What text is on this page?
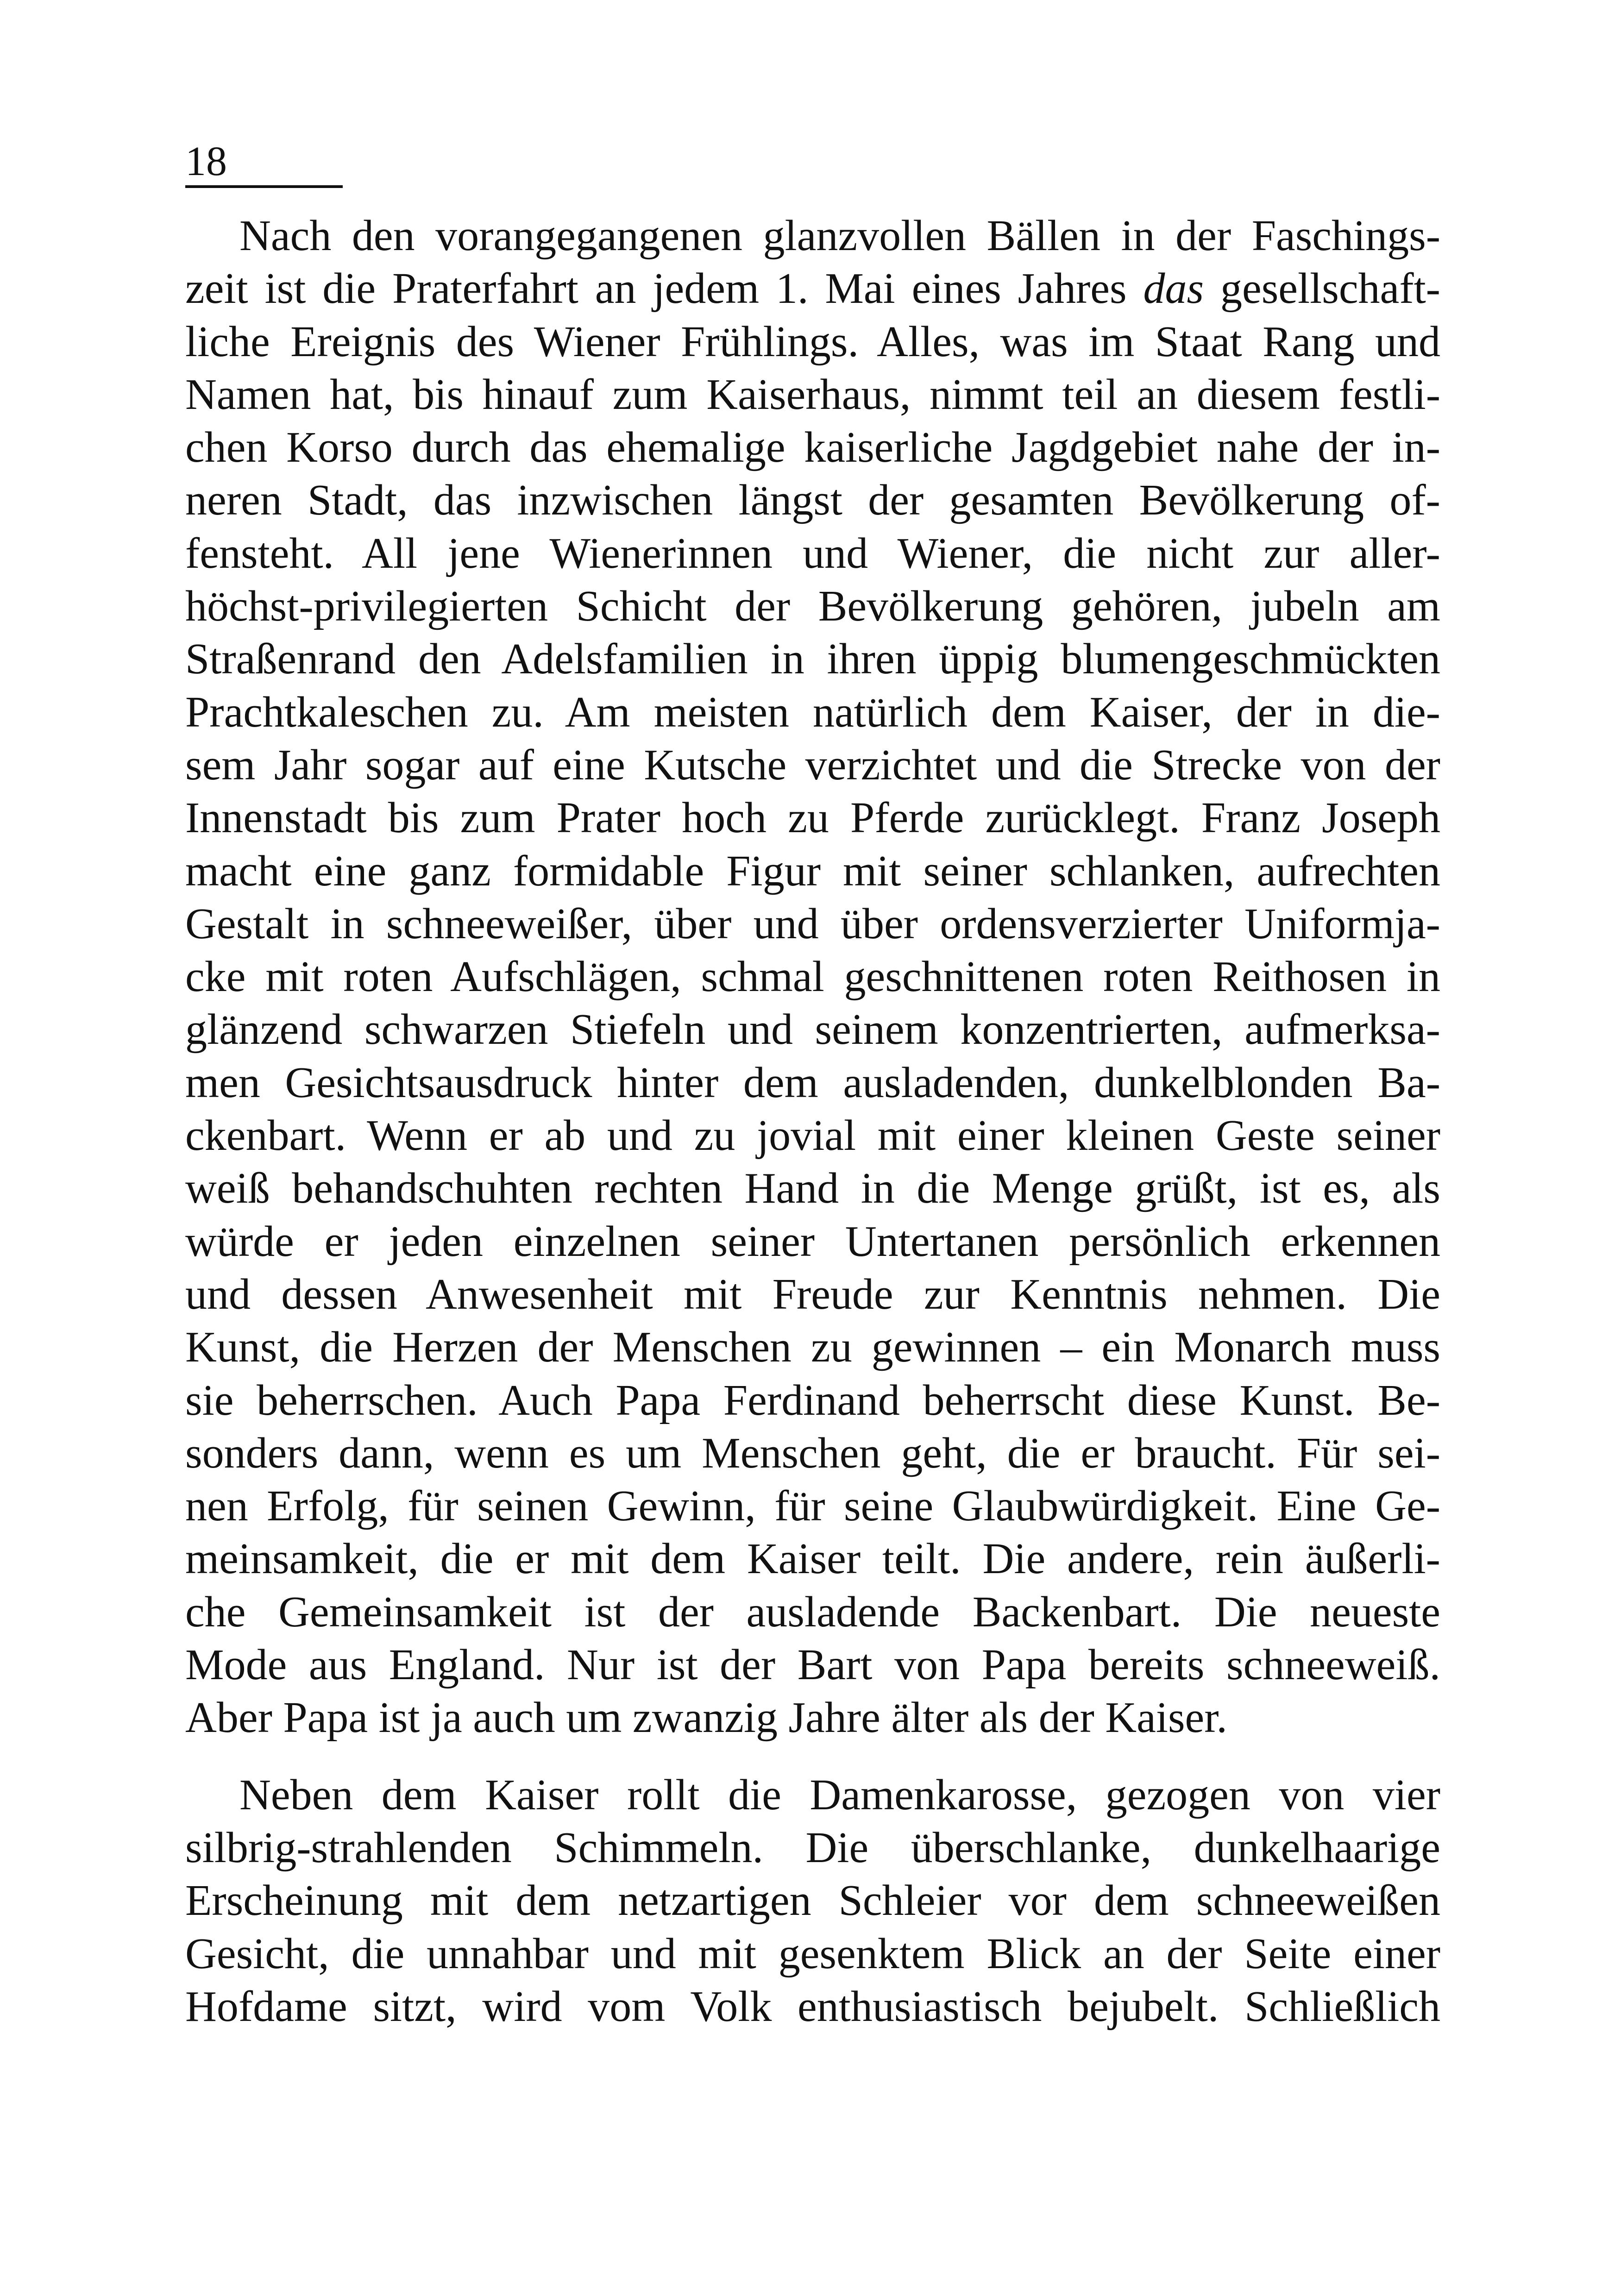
18

Nach den vorangegangenen glanzvollen Bällen in der Faschings-
zeit ist die Praterfahrt an jedem 1. Mai eines Jahres das gesellschaft-
liche Ereignis des Wiener Frühlings. Alles, was im Staat Rang und
Namen hat, bis hinauf zum Kaiserhaus, nimmt teil an diesem festli-
chen Korso durch das ehemalige kaiserliche Jagdgebiet nahe der in-
neren Stadt, das inzwischen längst der gesamten Bevölkerung of-
fensteht. All jene Wienerinnen und Wiener, die nicht zur aller-
höchst-privilegierten Schicht der Bevölkerung gehören, jubeln am
Straßenrand den Adelsfamilien in ihren üppig blumengeschmückten
Prachtkaleschen zu. Am meisten natürlich dem Kaiser, der in die-
sem Jahr sogar auf eine Kutsche verzichtet und die Strecke von der
Innenstadt bis zum Prater hoch zu Pferde zurücklegt. Franz Joseph
macht eine ganz formidable Figur mit seiner schlanken, aufrechten
Gestalt in schneeweißer, über und über ordensverzierter Uniformja-
cke mit roten Aufschlägen, schmal geschnittenen roten Reithosen in
glänzend schwarzen Stiefeln und seinem konzentrierten, aufmerksa-
men Gesichtsausdruck hinter dem ausladenden, dunkelblonden Ba-
ckenbart. Wenn er ab und zu jovial mit einer kleinen Geste seiner
weiß behandschuhten rechten Hand in die Menge grüßt, ist es, als
würde er jeden einzelnen seiner Untertanen persönlich erkennen
und dessen Anwesenheit mit Freude zur Kenntnis nehmen. Die
Kunst, die Herzen der Menschen zu gewinnen – ein Monarch muss
sie beherrschen. Auch Papa Ferdinand beherrscht diese Kunst. Be-
sonders dann, wenn es um Menschen geht, die er braucht. Für sei-
nen Erfolg, für seinen Gewinn, für seine Glaubwürdigkeit. Eine Ge-
meinsamkeit, die er mit dem Kaiser teilt. Die andere, rein äußerli-
che Gemeinsamkeit ist der ausladende Backenbart. Die neueste
Mode aus England. Nur ist der Bart von Papa bereits schneeweiß.
Aber Papa ist ja auch um zwanzig Jahre älter als der Kaiser.

Neben dem Kaiser rollt die Damenkarosse, gezogen von vier
silbrig-strahlenden Schimmeln. Die überschlanke, dunkelhaarige
Erscheinung mit dem netzartigen Schleier vor dem schneeweißen
Gesicht, die unnahbar und mit gesenktem Blick an der Seite einer
Hofdame sitzt, wird vom Volk enthusiastisch bejubelt. Schließlich
